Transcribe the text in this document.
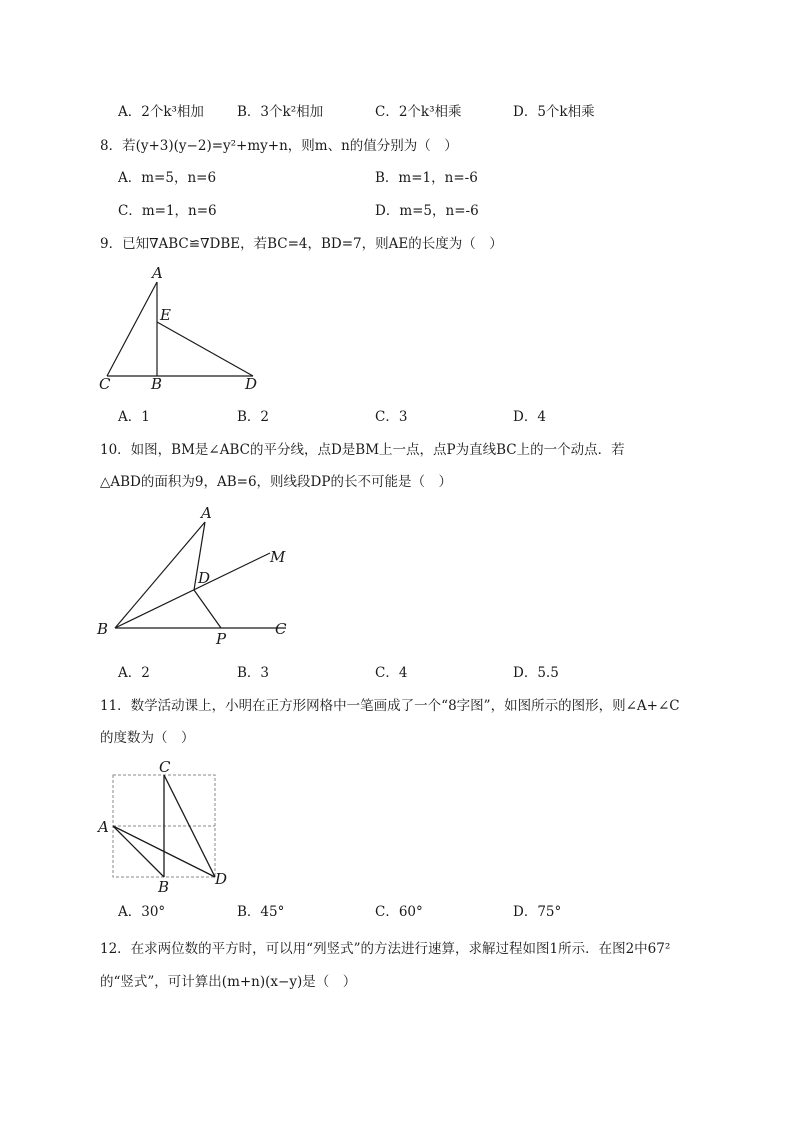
A．2个k³相加 B．3个k²相加	C．2个k³相乘	D．5个k相乘
8．若(y+3)(y−2)=y²+my+n，则m、n的值分别为（　）
A．m=5，n=6	B．m=1，n=-6
C．m=1，n=6	D．m=5，n=-6
9．已知∇ABC≌∇DBE，若BC=4，BD=7，则AE的长度为（　）
A
E
C	B	D
A．1	B．2	C．3	D．4
10．如图，BM是∠ABC的平分线，点D是BM上一点，点P为直线BC上的一个动点．若
△ABD的面积为9，AB=6，则线段DP的长不可能是（　）
A
M
D
B
P
C
A．2	B．3	C．4	D．5.5
11．数学活动课上，小明在正方形网格中一笔画成了一个“8字图”，如图所示的图形，则∠A+∠C
的度数为（　）
C
A
B	D
A．30°	B．45°	C．60°	D．75°
12．在求两位数的平方时，可以用“列竖式”的方法进行速算，求解过程如图1所示．在图2中67²
的“竖式”，可计算出(m+n)(x−y)是（　）
